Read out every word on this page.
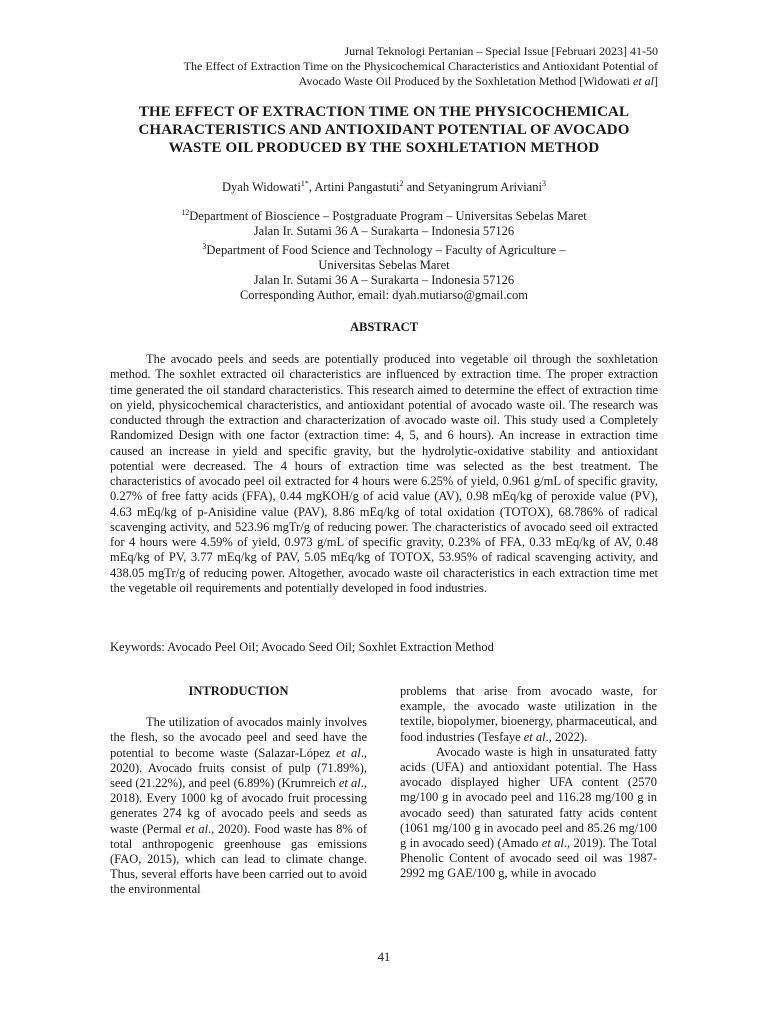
Jurnal Teknologi Pertanian – Special Issue [Februari 2023] 41-50
The Effect of Extraction Time on the Physicochemical Characteristics and Antioxidant Potential of
Avocado Waste Oil Produced by the Soxhletation Method [Widowati et al]
THE EFFECT OF EXTRACTION TIME ON THE PHYSICOCHEMICAL
CHARACTERISTICS AND ANTIOXIDANT POTENTIAL OF AVOCADO
WASTE OIL PRODUCED BY THE SOXHLETATION METHOD
Dyah Widowati$^{1*}$, Artini Pangastuti$^2$ and Setyaningrum Ariviani$^3$
$^{12}$Department of Bioscience – Postgraduate Program – Universitas Sebelas Maret
Jalan Ir. Sutami 36 A – Surakarta – Indonesia 57126
$^3$Department of Food Science and Technology – Faculty of Agriculture –
Universitas Sebelas Maret
Jalan Ir. Sutami 36 A – Surakarta – Indonesia 57126
Corresponding Author, email: dyah.mutiarso@gmail.com
ABSTRACT

The avocado peels and seeds are potentially produced into vegetable oil through the soxhletation method. The soxhlet extracted oil characteristics are influenced by extraction time. The proper extraction time generated the oil standard characteristics. This research aimed to determine the effect of extraction time on yield, physicochemical characteristics, and antioxidant potential of avocado waste oil. The research was conducted through the extraction and characterization of avocado waste oil. This study used a Completely Randomized Design with one factor (extraction time: 4, 5, and 6 hours). An increase in extraction time caused an increase in yield and specific gravity, but the hydrolytic-oxidative stability and antioxidant potential were decreased. The 4 hours of extraction time was selected as the best treatment. The characteristics of avocado peel oil extracted for 4 hours were 6.25% of yield, 0.961 g/mL of specific gravity, 0.27% of free fatty acids (FFA), 0.44 mgKOH/g of acid value (AV), 0.98 mEq/kg of peroxide value (PV), 4.63 mEq/kg of p-Anisidine value (PAV), 8.86 mEq/kg of total oxidation (TOTOX), 68.786% of radical scavenging activity, and 523.96 mgTr/g of reducing power. The characteristics of avocado seed oil extracted for 4 hours were 4.59% of yield, 0.973 g/mL of specific gravity, 0.23% of FFA, 0.33 mEq/kg of AV, 0.48 mEq/kg of PV, 3.77 mEq/kg of PAV, 5.05 mEq/kg of TOTOX, 53.95% of radical scavenging activity, and 438.05 mgTr/g of reducing power. Altogether, avocado waste oil characteristics in each extraction time met the vegetable oil requirements and potentially developed in food industries.

Keywords: Avocado Peel Oil; Avocado Seed Oil; Soxhlet Extraction Method
INTRODUCTION

The utilization of avocados mainly involves the flesh, so the avocado peel and seed have the potential to become waste (Salazar-López et al., 2020). Avocado fruits consist of pulp (71.89%), seed (21.22%), and peel (6.89%) (Krumreich et al., 2018). Every 1000 kg of avocado fruit processing generates 274 kg of avocado peels and seeds as waste (Permal et al., 2020). Food waste has 8% of total anthropogenic greenhouse gas emissions (FAO, 2015), which can lead to climate change. Thus, several efforts have been carried out to avoid the environmental

problems that arise from avocado waste, for example, the avocado waste utilization in the textile, biopolymer, bioenergy, pharmaceutical, and food industries (Tesfaye et al., 2022).

Avocado waste is high in unsaturated fatty acids (UFA) and antioxidant potential. The Hass avocado displayed higher UFA content (2570 mg/100 g in avocado peel and 116.28 mg/100 g in avocado seed) than saturated fatty acids content (1061 mg/100 g in avocado peel and 85.26 mg/100 g in avocado seed) (Amado et al., 2019). The Total Phenolic Content of avocado seed oil was 1987-2992 mg GAE/100 g, while in avocado

41
